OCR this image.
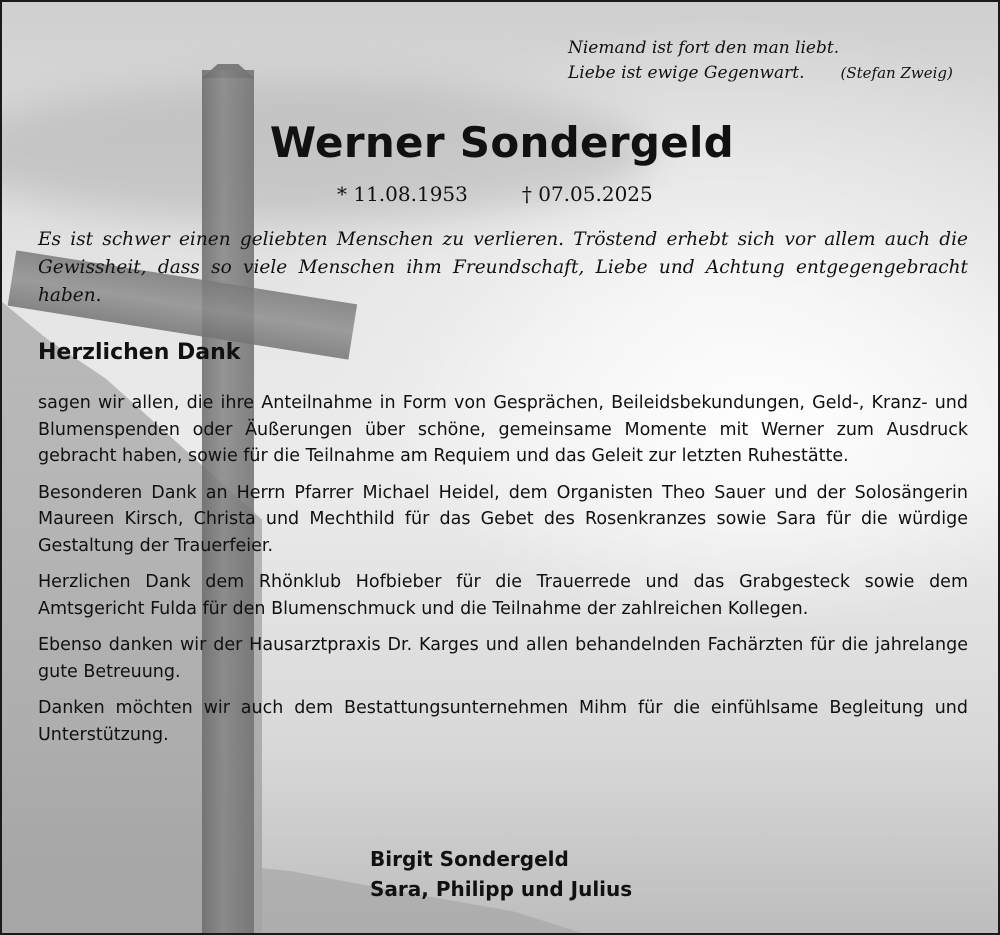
Niemand ist fort den man liebt.
Liebe ist ewige Gegenwart. (Stefan Zweig)
Werner Sondergeld
* 11.08.1953	† 07.05.2025
Es ist schwer einen geliebten Menschen zu verlieren. Tröstend erhebt sich vor allem auch die Gewissheit, dass so viele Menschen ihm Freundschaft, Liebe und Achtung entgegengebracht haben.
Herzlichen Dank

sagen wir allen, die ihre Anteilnahme in Form von Gesprächen, Beileidsbekundungen, Geld-, Kranz- und Blumenspenden oder Äußerungen über schöne, gemeinsame Momente mit Werner zum Ausdruck gebracht haben, sowie für die Teilnahme am Requiem und das Geleit zur letzten Ruhestätte.

Besonderen Dank an Herrn Pfarrer Michael Heidel, dem Organisten Theo Sauer und der Solosängerin Maureen Kirsch, Christa und Mechthild für das Gebet des Rosenkranzes sowie Sara für die würdige Gestaltung der Trauerfeier.

Herzlichen Dank dem Rhönklub Hofbieber für die Trauerrede und das Grabgesteck sowie dem Amtsgericht Fulda für den Blumenschmuck und die Teilnahme der zahlreichen Kollegen.

Ebenso danken wir der Hausarztpraxis Dr. Karges und allen behandelnden Fachärzten für die jahrelange gute Betreuung.

Danken möchten wir auch dem Bestattungsunternehmen Mihm für die einfühlsame Begleitung und Unterstützung.

Birgit Sondergeld
Sara, Philipp und Julius
